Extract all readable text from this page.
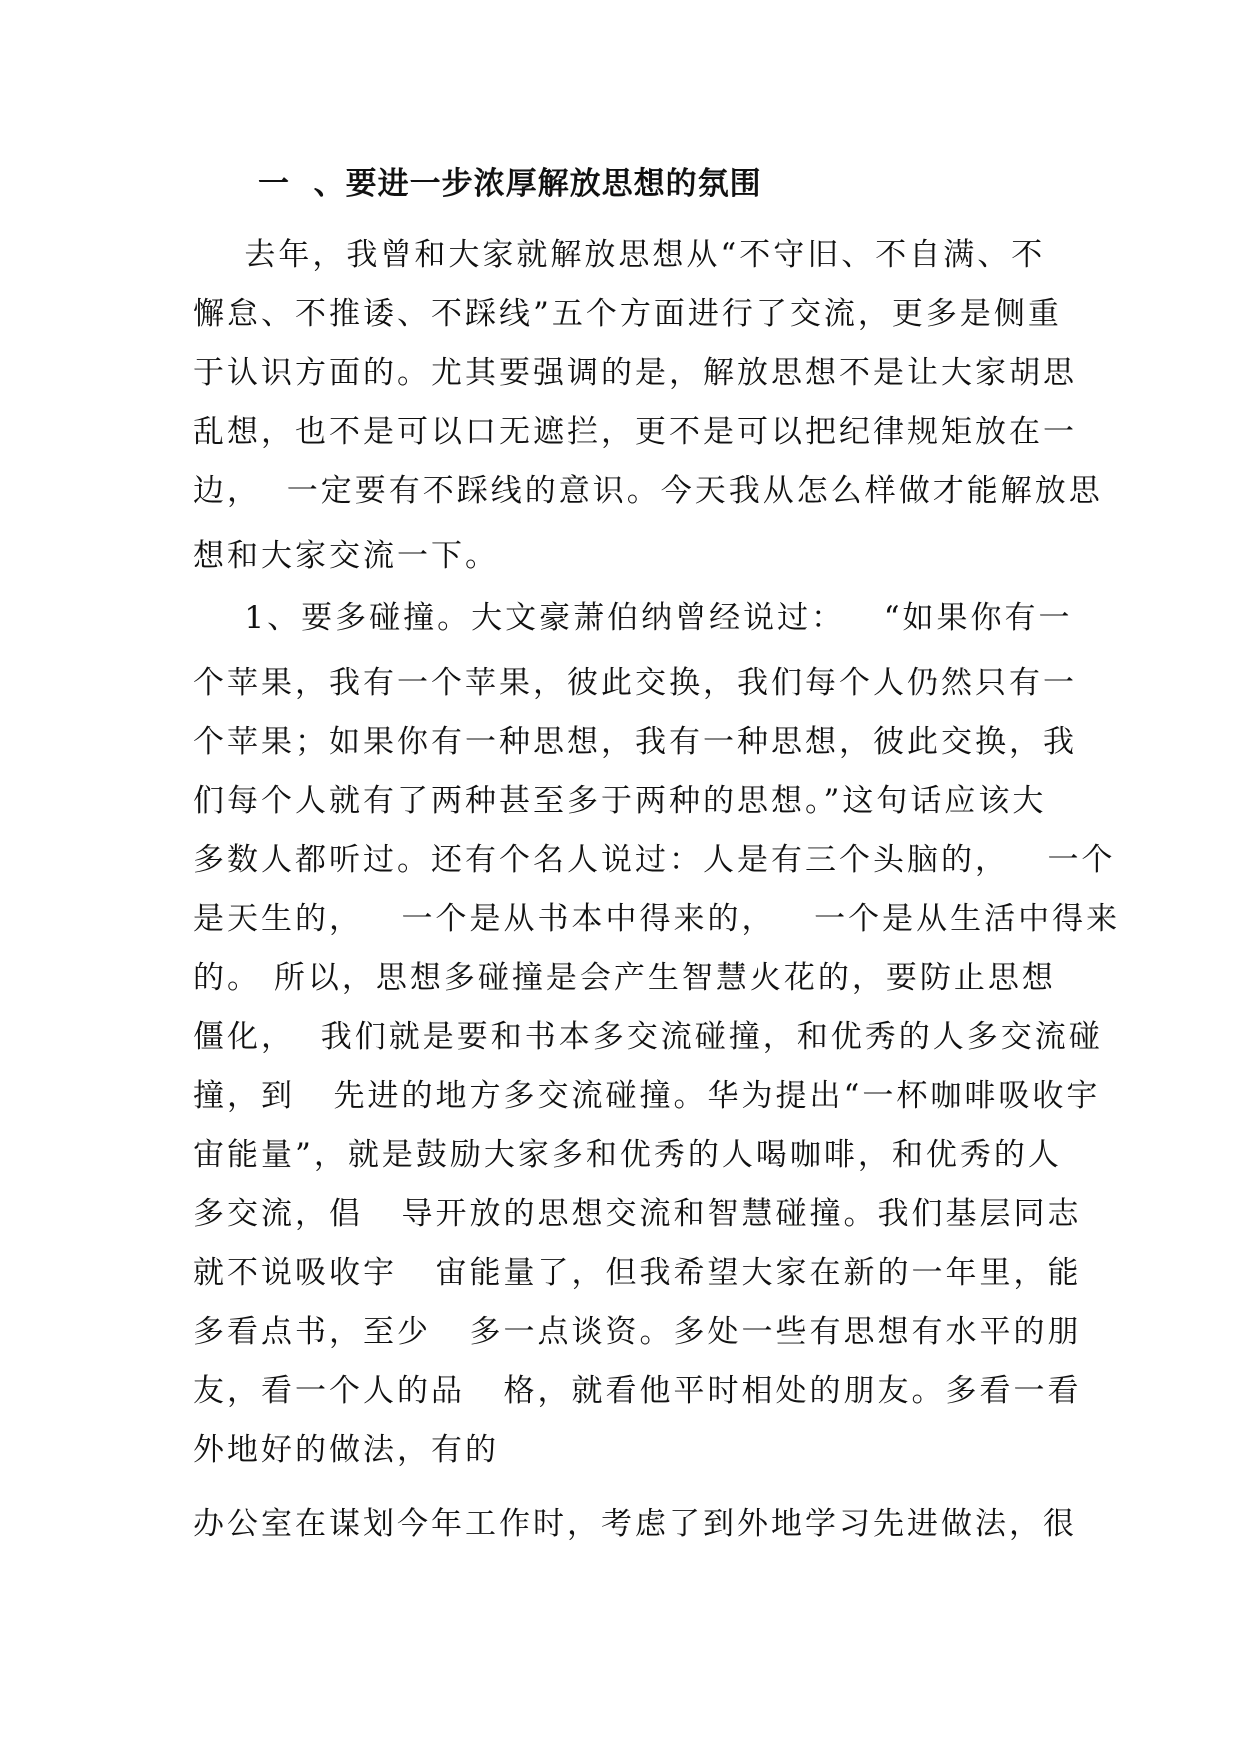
一  、要进一步浓厚解放思想的氛围
去年，我曾和大家就解放思想从“不守旧、不自满、不
懈怠、不推诿、不踩线”五个方面进行了交流，更多是侧重
于认识方面的。尤其要强调的是，解放思想不是让大家胡思
乱想，也不是可以口无遮拦，更不是可以把纪律规矩放在一
边，  一定要有不踩线的意识。今天我从怎么样做才能解放思
想和大家交流一下。
1、要多碰撞。大文豪萧伯纳曾经说过：   “如果你有一
个苹果，我有一个苹果，彼此交换，我们每个人仍然只有一
个苹果；如果你有一种思想，我有一种思想，彼此交换，我
们每个人就有了两种甚至多于两种的思想。”这句话应该大
多数人都听过。还有个名人说过：人是有三个头脑的，   一个
是天生的，   一个是从书本中得来的，   一个是从生活中得来
的。 所以，思想多碰撞是会产生智慧火花的，要防止思想
僵化，  我们就是要和书本多交流碰撞，和优秀的人多交流碰
撞，到   先进的地方多交流碰撞。华为提出“一杯咖啡吸收宇
宙能量”，就是鼓励大家多和优秀的人喝咖啡，和优秀的人
多交流，倡   导开放的思想交流和智慧碰撞。我们基层同志
就不说吸收宇   宙能量了，但我希望大家在新的一年里，能
多看点书，至少   多一点谈资。多处一些有思想有水平的朋
友，看一个人的品   格，就看他平时相处的朋友。多看一看
外地好的做法，有的
办公室在谋划今年工作时，考虑了到外地学习先进做法，很
